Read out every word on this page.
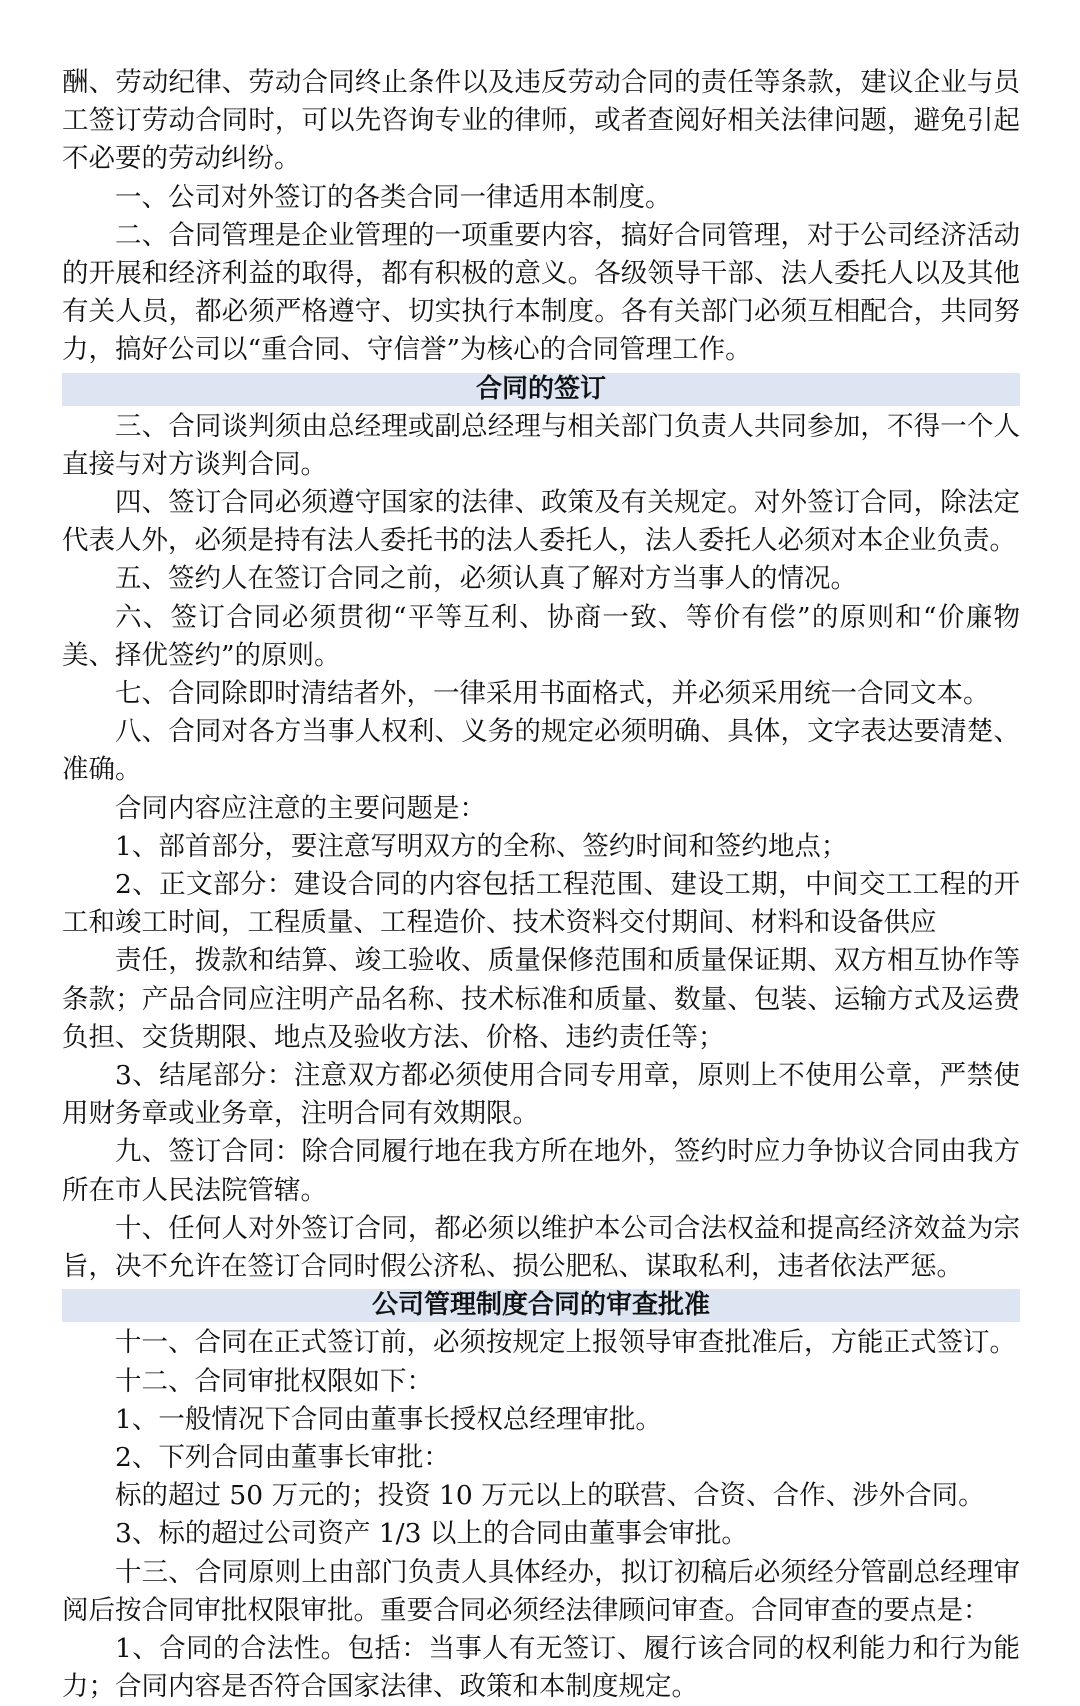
酬、劳动纪律、劳动合同终止条件以及违反劳动合同的责任等条款，建议企业与员工签订劳动合同时，可以先咨询专业的律师，或者查阅好相关法律问题，避免引起不必要的劳动纠纷。

一、公司对外签订的各类合同一律适用本制度。

二、合同管理是企业管理的一项重要内容，搞好合同管理，对于公司经济活动的开展和经济利益的取得，都有积极的意义。各级领导干部、法人委托人以及其他有关人员，都必须严格遵守、切实执行本制度。各有关部门必须互相配合，共同努力，搞好公司以“重合同、守信誉”为核心的合同管理工作。

合同的签订

三、合同谈判须由总经理或副总经理与相关部门负责人共同参加，不得一个人直接与对方谈判合同。

四、签订合同必须遵守国家的法律、政策及有关规定。对外签订合同，除法定代表人外，必须是持有法人委托书的法人委托人，法人委托人必须对本企业负责。

五、签约人在签订合同之前，必须认真了解对方当事人的情况。

六、签订合同必须贯彻“平等互利、协商一致、等价有偿”的原则和“价廉物美、择优签约”的原则。

七、合同除即时清结者外，一律采用书面格式，并必须采用统一合同文本。

八、合同对各方当事人权利、义务的规定必须明确、具体，文字表达要清楚、准确。

合同内容应注意的主要问题是：

1、部首部分，要注意写明双方的全称、签约时间和签约地点；

2、正文部分：建设合同的内容包括工程范围、建设工期，中间交工工程的开工和竣工时间，工程质量、工程造价、技术资料交付期间、材料和设备供应

责任，拨款和结算、竣工验收、质量保修范围和质量保证期、双方相互协作等条款；产品合同应注明产品名称、技术标准和质量、数量、包装、运输方式及运费负担、交货期限、地点及验收方法、价格、违约责任等；

3、结尾部分：注意双方都必须使用合同专用章，原则上不使用公章，严禁使用财务章或业务章，注明合同有效期限。

九、签订合同：除合同履行地在我方所在地外，签约时应力争协议合同由我方所在市人民法院管辖。

十、任何人对外签订合同，都必须以维护本公司合法权益和提高经济效益为宗旨，决不允许在签订合同时假公济私、损公肥私、谋取私利，违者依法严惩。

公司管理制度合同的审查批准

十一、合同在正式签订前，必须按规定上报领导审查批准后，方能正式签订。

十二、合同审批权限如下：

1、一般情况下合同由董事长授权总经理审批。

2、下列合同由董事长审批：

标的超过 50 万元的；投资 10 万元以上的联营、合资、合作、涉外合同。

3、标的超过公司资产 1/3 以上的合同由董事会审批。

十三、合同原则上由部门负责人具体经办，拟订初稿后必须经分管副总经理审阅后按合同审批权限审批。重要合同必须经法律顾问审查。合同审查的要点是：

1、合同的合法性。包括：当事人有无签订、履行该合同的权利能力和行为能力；合同内容是否符合国家法律、政策和本制度规定。
